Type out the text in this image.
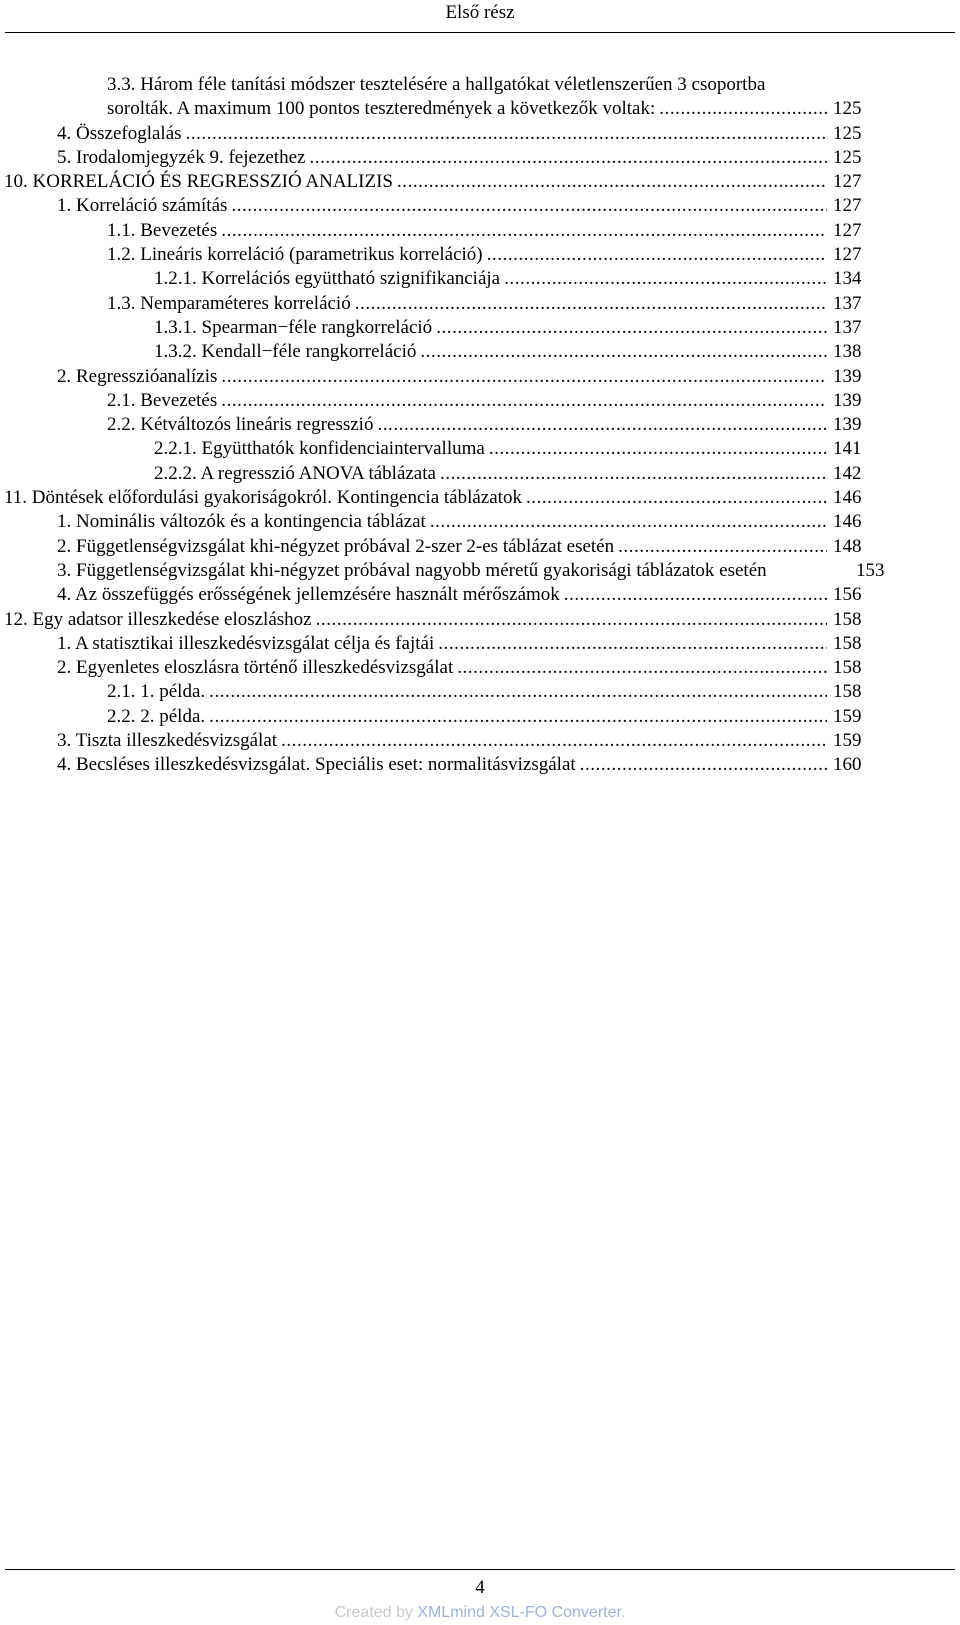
Első rész
3.3. Három féle tanítási módszer tesztelésére a hallgatókat véletlenszerűen 3 csoportba
sorolták. A maximum 100 pontos teszteredmények a következők voltak: . . .	125
4. Összefoglalás . . .	125
5. Irodalomjegyzék 9. fejezethez . . .	125
10. KORRELÁCIÓ ÉS REGRESSZIÓ ANALIZIS . . .	127
1. Korreláció számítás . . .	127
1.1. Bevezetés . . .	127
1.2. Lineáris korreláció (parametrikus korreláció) . . .	127
1.2.1. Korrelációs együttható szignifikanciája . . .	134
1.3. Nemparaméteres korreláció . . .	137
1.3.1. Spearman−féle rangkorreláció . . .	137
1.3.2. Kendall−féle rangkorreláció . . .	138
2. Regresszióanalízis . . .	139
2.1. Bevezetés . . .	139
2.2. Kétváltozós lineáris regresszió . . .	139
2.2.1. Együtthatók konfidenciaintervalluma . . .	141
2.2.2. A regresszió ANOVA táblázata . . .	142
11. Döntések előfordulási gyakoriságokról. Kontingencia táblázatok . . .	146
1. Nominális változók és a kontingencia táblázat . . .	146
2. Függetlenségvizsgálat khi-négyzet próbával 2-szer 2-es táblázat esetén . . .	148
3. Függetlenségvizsgálat khi-négyzet próbával nagyobb méretű gyakorisági táblázatok esetén	153
4. Az összefüggés erősségének jellemzésére használt mérőszámok . . .	156
12. Egy adatsor illeszkedése eloszláshoz . . .	158
1. A statisztikai illeszkedésvizsgálat célja és fajtái . . .	158
2. Egyenletes eloszlásra történő illeszkedésvizsgálat . . .	158
2.1. 1. példa. . . .	158
2.2. 2. példa. . . .	159
3. Tiszta illeszkedésvizsgálat . . .	159
4. Becsléses illeszkedésvizsgálat. Speciális eset: normalitásvizsgálat . . .	160
4
Created by XMLmind XSL-FO Converter.
